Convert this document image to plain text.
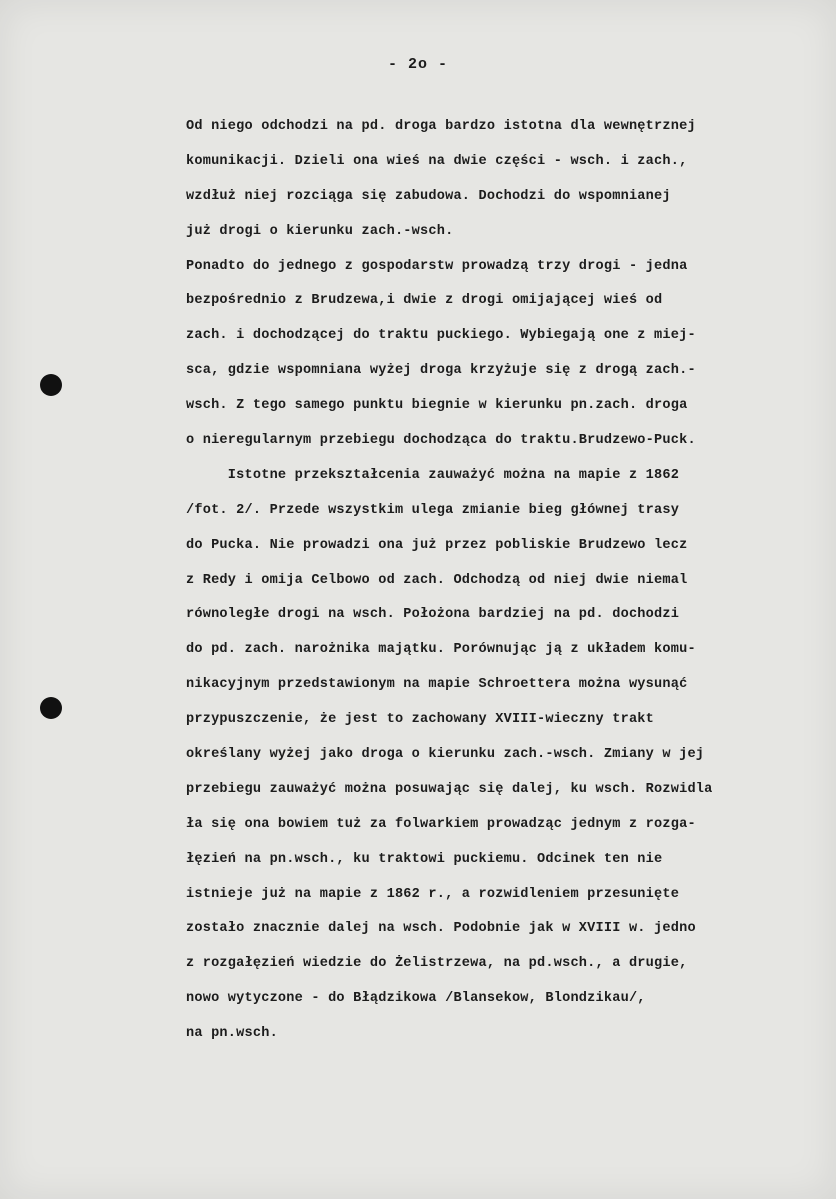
- 2o -
Od niego odchodzi na pd. droga bardzo istotna dla wewnętrznej
komunikacji. Dzieli ona wieś na dwie części - wsch. i zach.,
wzdłuż niej rozciąga się zabudowa. Dochodzi do wspomnianej
już drogi o kierunku zach.-wsch.
Ponadto do jednego z gospodarstw prowadzą trzy drogi - jedna
bezpośrednio z Brudzewa,i dwie z drogi omijającej wieś od
zach. i dochodzącej do traktu puckiego. Wybiegają one z miej-
sca, gdzie wspomniana wyżej droga krzyżuje się z drogą zach.-
wsch. Z tego samego punktu biegnie w kierunku pn.zach. droga
o nieregularnym przebiegu dochodząca do traktu.Brudzewo-Puck.
Istotne przekształcenia zauważyć można na mapie z 1862
/fot. 2/. Przede wszystkim ulega zmianie bieg głównej trasy
do Pucka. Nie prowadzi ona już przez pobliskie Brudzewo lecz
z Redy i omija Celbowo od zach. Odchodzą od niej dwie niemal
równoległe drogi na wsch. Położona bardziej na pd. dochodzi
do pd. zach. narożnika majątku. Porównując ją z układem komu-
nikacyjnym przedstawionym na mapie Schroettera można wysunąć
przypuszczenie, że jest to zachowany XVIII-wieczny trakt
określany wyżej jako droga o kierunku zach.-wsch. Zmiany w jej
przebiegu zauważyć można posuwając się dalej, ku wsch. Rozwidla
ła się ona bowiem tuż za folwarkiem prowadząc jednym z rozga-
łęzień na pn.wsch., ku traktowi puckiemu. Odcinek ten nie
istnieje już na mapie z 1862 r., a rozwidleniem przesunięte
zostało znacznie dalej na wsch. Podobnie jak w XVIII w. jedno
z rozgałęzień wiedzie do Żelistrzewa, na pd.wsch., a drugie,
nowo wytyczone - do Błądzikowa /Blansekow, Blondzikau/,
na pn.wsch.
